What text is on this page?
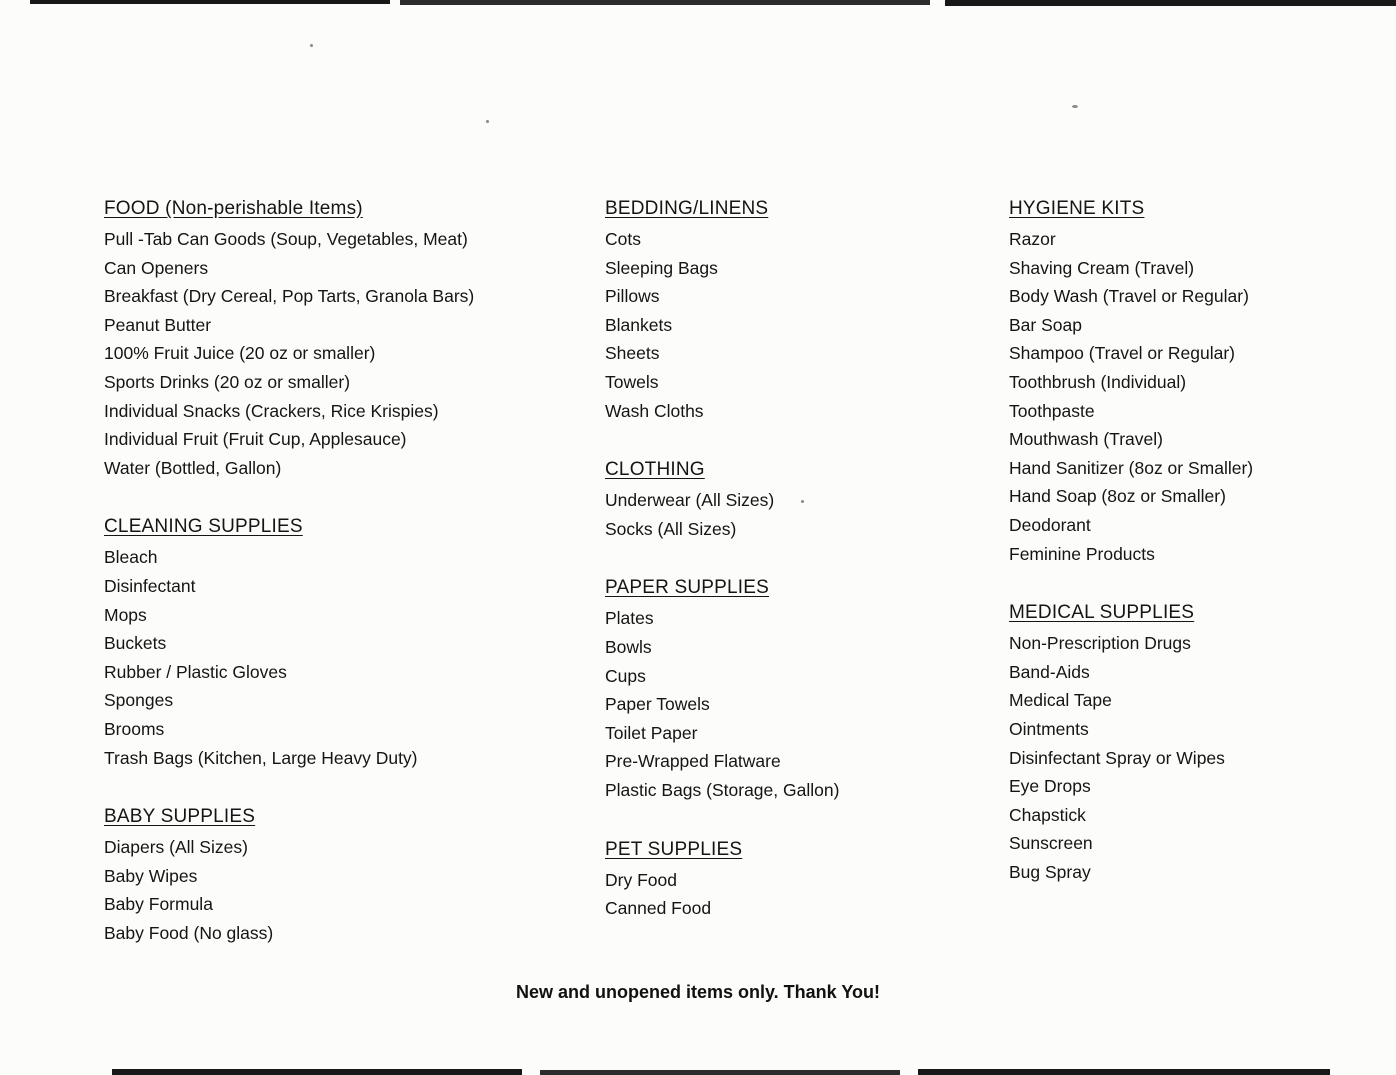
FOOD (Non-perishable Items)
Pull -Tab Can Goods (Soup, Vegetables, Meat)
Can Openers
Breakfast (Dry Cereal, Pop Tarts, Granola Bars)
Peanut Butter
100% Fruit Juice (20 oz or smaller)
Sports Drinks (20 oz or smaller)
Individual Snacks (Crackers, Rice Krispies)
Individual Fruit (Fruit Cup, Applesauce)
Water (Bottled, Gallon)
CLEANING SUPPLIES
Bleach
Disinfectant
Mops
Buckets
Rubber / Plastic Gloves
Sponges
Brooms
Trash Bags (Kitchen, Large Heavy Duty)
BABY SUPPLIES
Diapers (All Sizes)
Baby Wipes
Baby Formula
Baby Food (No glass)
BEDDING/LINENS
Cots
Sleeping Bags
Pillows
Blankets
Sheets
Towels
Wash Cloths
CLOTHING
Underwear (All Sizes)
Socks (All Sizes)
PAPER SUPPLIES
Plates
Bowls
Cups
Paper Towels
Toilet Paper
Pre-Wrapped Flatware
Plastic Bags (Storage, Gallon)
PET SUPPLIES
Dry Food
Canned Food
HYGIENE KITS
Razor
Shaving Cream (Travel)
Body Wash (Travel or Regular)
Bar Soap
Shampoo (Travel or Regular)
Toothbrush (Individual)
Toothpaste
Mouthwash (Travel)
Hand Sanitizer (8oz or Smaller)
Hand Soap (8oz or Smaller)
Deodorant
Feminine Products
MEDICAL SUPPLIES
Non-Prescription Drugs
Band-Aids
Medical Tape
Ointments
Disinfectant Spray or Wipes
Eye Drops
Chapstick
Sunscreen
Bug Spray
New and unopened items only. Thank You!
